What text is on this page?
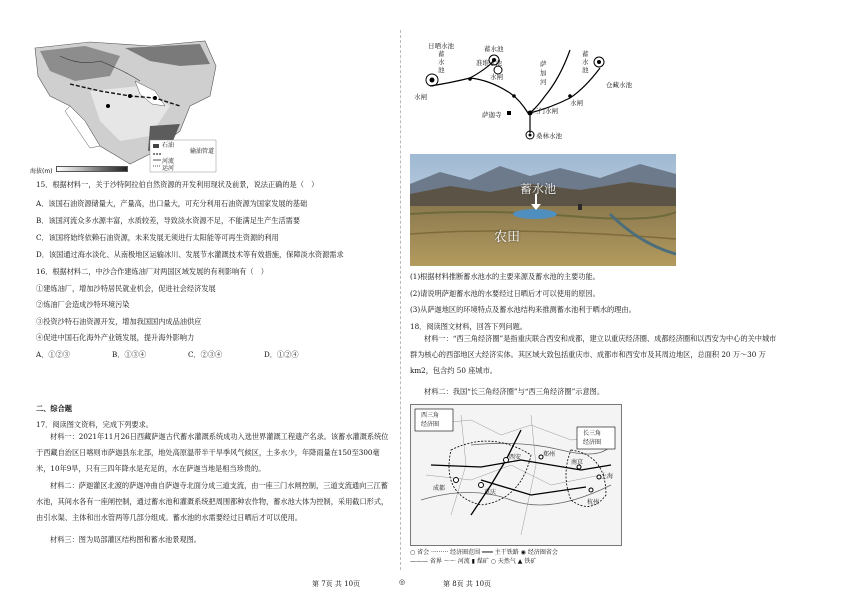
石油
输油管道
河流
运河
海拔(m)
15．根据材料一，关于沙特阿拉伯自然资源的开发利用现状及前景，说法正确的是（　）
A．该国石油资源储量大，产量高，出口量大，可充分利用石油资源为国家发展的基础
B．该国河流众多水源丰富，水质较差，导致淡水资源不足，不能满足生产生活需要
C．该国将始终依赖石油资源，未来发展无须进行太阳能等可再生资源的利用
D．该国通过海水淡化、从南极地区运输冰川、发展节水灌溉技术等有效措施，保障淡水资源需求
16．根据材料二，中沙合作建炼油厂对两国区域发展的有利影响有（　）
①建炼油厂，增加沙特居民就业机会，促进社会经济发展
②炼油厂会造成沙特环境污染
③投资沙特石油资源开发，增加我国国内成品油供应
④促进中国石化海外产业链发展，提升海外影响力
A．①②③	B．①③④	C．②③④	D．①②④
二、综合题
17．阅读图文资料，完成下列要求。
材料一：2021年11月26日西藏萨迦古代蓄水灌溉系统成功入选世界灌溉工程遗产名录。该蓄水灌溉系统位于西藏自治区日喀则市萨迦县东北部，地处高原温带半干旱季风气候区，土多水少，年降雨量在150至300毫米，10年9旱，只有三四年降水是充足的，水在萨迦当地是相当珍贵的。
材料二：萨迦灌区北渡的萨迦冲曲自萨迦寺北面分成三道支流，由一座三门水闸控制，三道支流通向三江蓄水池，其间水各有一座闸控制，通过蓄水池和灌溉系统把周围都种农作物，蓄水池大体为控制，采用截口形式，由引水渠、主体和出水管两等几部分组成。蓄水池的水需要经过日晒后才可以使用。
材料三：图为局部灌区结构图和蓄水池景观图。
第 7页 共 10页	◎	第 8页 共 10页
日晒水池
蓄
水
池
水闸
蓄水池
准堆水池
水闸
萨
加
河
水闸
蓄
水
池
仓藏水池
三门水闸
萨迦寺
桑林水池
蓄水池
农田
(1)根据材料推断蓄水池水的主要来源及蓄水池的主要功能。
(2)请说明萨迦蓄水池的水要经过日晒后才可以使用的原因。
(3)从萨迦地区的环境特点及蓄水池结构来推测蓄水池利于晒水的理由。
18．阅读图文材料，回答下列问题。
材料一：“西三角经济圈”是指重庆联合西安和成都，建立以重庆经济圈、成都经济圈和以西安为中心的关中城市群为核心的西部地区大经济实体。其区域大致包括重庆市、成都市和西安市及其周边地区，总面积 20 万～30 万 km2，包含约 50 座城市。
材料二：我国“长三角经济圈”与“西三角经济圈”示意图。
西三角
经济圈
长三角
经济圈
西安	郑州
南京
重庆
成都
上海
杭州
○ 省会 ········· 经济圈范围 ━━━ 主干铁路 ◉ 经济圈省会
——— 省界 ～～ 河流 ▮ 煤矿 ○ 天然气 ▲ 铁矿
